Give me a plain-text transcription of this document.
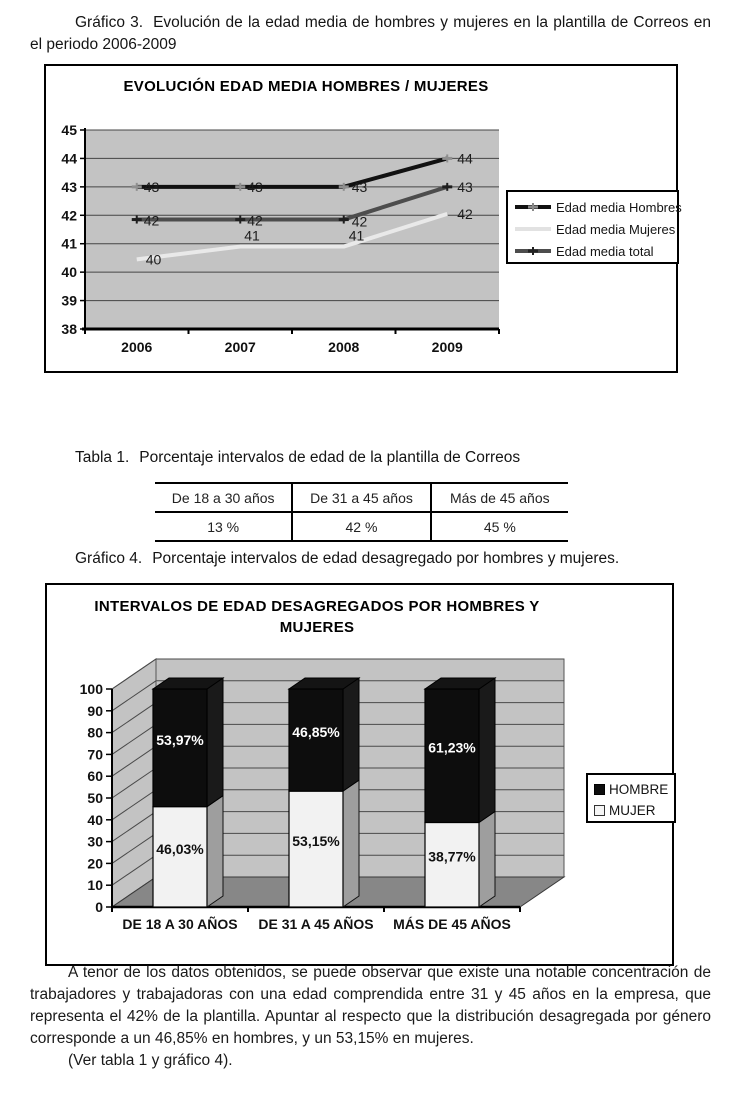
Gráfico 3. Evolución de la edad media de hombres y mujeres en la plantilla de Correos en el periodo 2006-2009
EVOLUCIÓN EDAD MEDIA HOMBRES / MUJERES
38
39
40
41
42
43
44
45
2006	2007	2008	2009
43	43	43
44
40
41	41
42
42	42	42
43
Edad media Hombres
Edad media Mujeres
Edad media total
Tabla 1. Porcentaje intervalos de edad de la plantilla de Correos
De 18 a 30 años	De 31 a 45 años	Más de 45 años
13 %	42 %	45 %
Gráfico 4. Porcentaje intervalos de edad desagregado por hombres y mujeres.
INTERVALOS DE EDAD DESAGREGADOS POR HOMBRES Y
MUJERES
0
10
20
30
40
50
60
70
80
90
100
53,97%
46,03%
DE 18 A 30 AÑOS
46,85%
53,15%
DE 31 A 45 AÑOS
61,23%
38,77%
MÁS DE 45 AÑOS
HOMBRE
MUJER

A tenor de los datos obtenidos, se puede observar que existe una notable concentración de trabajadores y trabajadoras con una edad comprendida entre 31 y 45 años en la empresa, que representa el 42% de la plantilla. Apuntar al respecto que la distribución desagregada por género corresponde a un 46,85% en hombres, y un 53,15% en mujeres.

(Ver tabla 1 y gráfico 4).
